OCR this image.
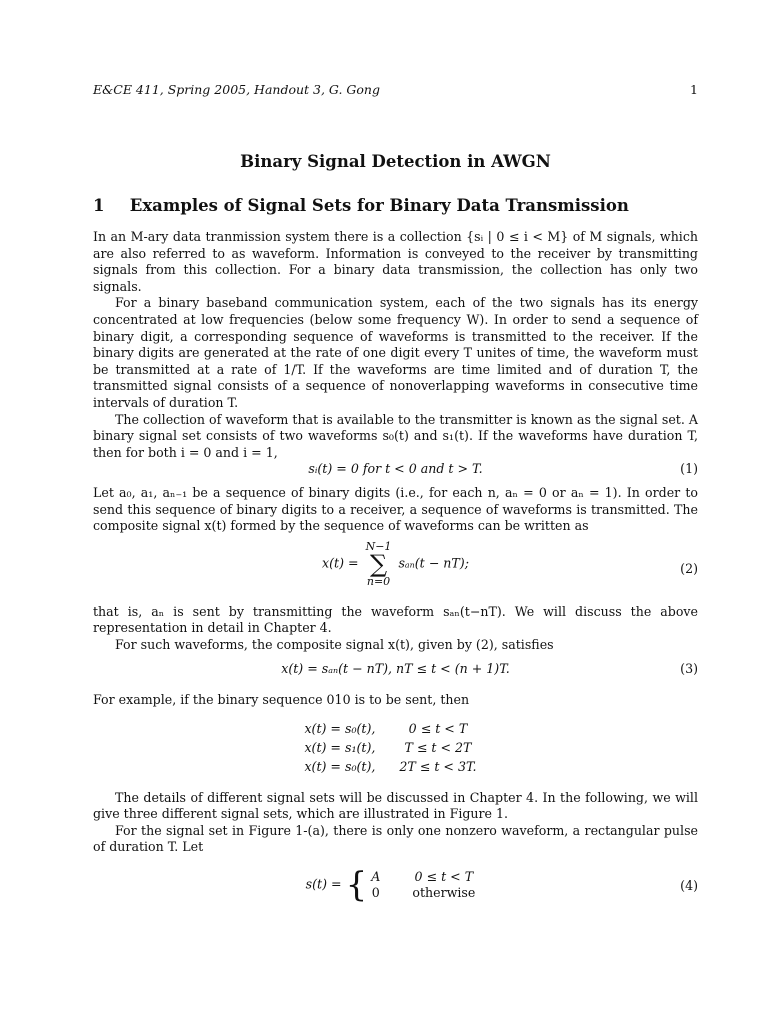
E&CE 411, Spring 2005, Handout 3, G. Gong	1
Binary Signal Detection in AWGN
1 Examples of Signal Sets for Binary Data Transmission

In an M-ary data tranmission system there is a collection {sᵢ | 0 ≤ i < M} of M signals, which are also referred to as waveform. Information is conveyed to the receiver by transmitting signals from this collection. For a binary data transmission, the collection has only two signals.

For a binary baseband communication system, each of the two signals has its energy concentrated at low frequencies (below some frequency W). In order to send a sequence of binary digit, a corresponding sequence of waveforms is transmitted to the receiver. If the binary digits are generated at the rate of one digit every T unites of time, the waveform must be transmitted at a rate of 1/T. If the waveforms are time limited and of duration T, the transmitted signal consists of a sequence of nonoverlapping waveforms in consecutive time intervals of duration T.

The collection of waveform that is available to the transmitter is known as the signal set. A binary signal set consists of two waveforms s₀(t) and s₁(t). If the waveforms have duration T, then for both i = 0 and i = 1,

sᵢ(t) = 0 for t < 0 and t > T.	(1)

Let a₀, a₁, aₙ₋₁ be a sequence of binary digits (i.e., for each n, aₙ = 0 or aₙ = 1). In order to send this sequence of binary digits to a receiver, a sequence of waveforms is transmitted. The composite signal x(t) formed by the sequence of waveforms can be written as

x(t) = N−1
∑
n=0 sₐₙ(t − nT);	(2)

that is, aₙ is sent by transmitting the waveform sₐₙ(t−nT). We will discuss the above representation in detail in Chapter 4.

For such waveforms, the composite signal x(t), given by (2), satisfies

x(t) = sₐₙ(t − nT), nT ≤ t < (n + 1)T.	(3)

For example, if the binary sequence 010 is to be sent, then

x(t) = s₀(t),	0 ≤ t < T
x(t) = s₁(t),	T ≤ t < 2T
x(t) = s₀(t),	2T ≤ t < 3T.

The details of different signal sets will be discussed in Chapter 4. In the following, we will give three different signal sets, which are illustrated in Figure 1.

For the signal set in Figure 1-(a), there is only one nonzero waveform, a rectangular pulse of duration T. Let

s(t) = { A	0 ≤ t < T
0	otherwise	(4)
